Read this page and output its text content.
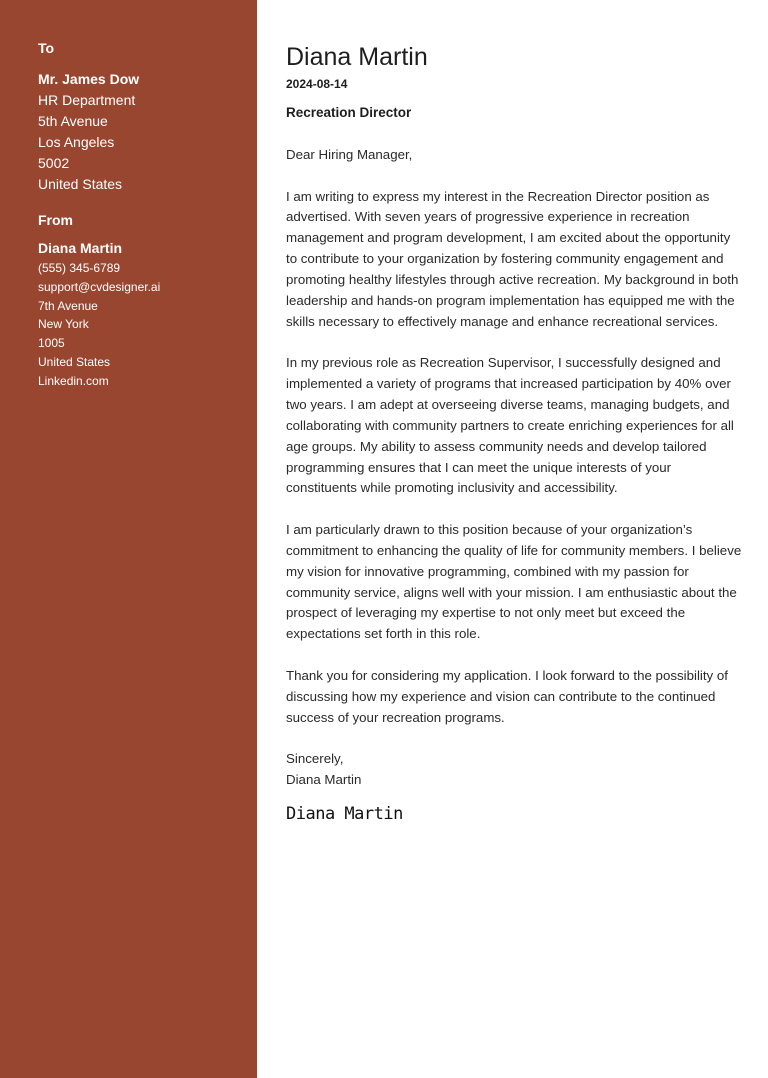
To

Mr. James Dow
HR Department
5th Avenue
Los Angeles
5002
United States

From

Diana Martin
(555) 345-6789
support@cvdesigner.ai
7th Avenue
New York
1005
United States
Linkedin.com
Diana Martin
2024-08-14
Recreation Director
Dear Hiring Manager,
I am writing to express my interest in the Recreation Director position as advertised. With seven years of progressive experience in recreation management and program development, I am excited about the opportunity to contribute to your organization by fostering community engagement and promoting healthy lifestyles through active recreation. My background in both leadership and hands-on program implementation has equipped me with the skills necessary to effectively manage and enhance recreational services.
In my previous role as Recreation Supervisor, I successfully designed and implemented a variety of programs that increased participation by 40% over two years. I am adept at overseeing diverse teams, managing budgets, and collaborating with community partners to create enriching experiences for all age groups. My ability to assess community needs and develop tailored programming ensures that I can meet the unique interests of your constituents while promoting inclusivity and accessibility.
I am particularly drawn to this position because of your organization’s commitment to enhancing the quality of life for community members. I believe my vision for innovative programming, combined with my passion for community service, aligns well with your mission. I am enthusiastic about the prospect of leveraging my expertise to not only meet but exceed the expectations set forth in this role.
Thank you for considering my application. I look forward to the possibility of discussing how my experience and vision can contribute to the continued success of your recreation programs.
Sincerely,
Diana Martin
Diana Martin
